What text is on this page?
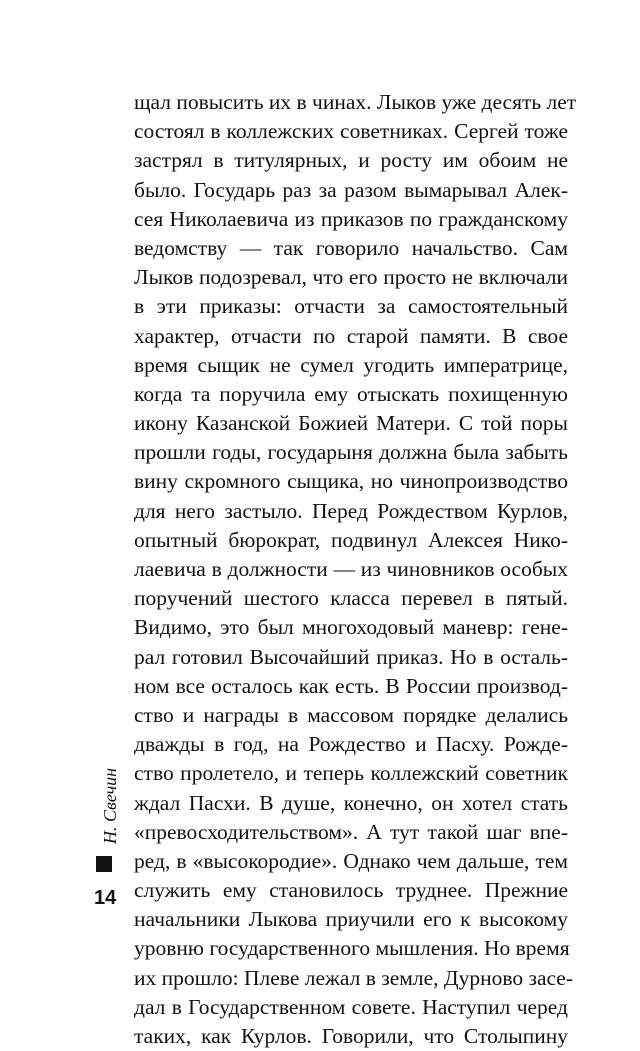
щал повысить их в чинах. Лыков уже десять лет
состоял в коллежских советниках. Сергей тоже
застрял в титулярных, и росту им обоим не
было. Государь раз за разом вымарывал Алек-
сея Николаевича из приказов по гражданскому
ведомству — так говорило начальство. Сам
Лыков подозревал, что его просто не включали
в эти приказы: отчасти за самостоятельный
характер, отчасти по старой памяти. В свое
время сыщик не сумел угодить императрице,
когда та поручила ему отыскать похищенную
икону Казанской Божией Матери. С той поры
прошли годы, государыня должна была забыть
вину скромного сыщика, но чинопроизводство
для него застыло. Перед Рождеством Курлов,
опытный бюрократ, подвинул Алексея Нико-
лаевича в должности — из чиновников особых
поручений шестого класса перевел в пятый.
Видимо, это был многоходовый маневр: гене-
рал готовил Высочайший приказ. Но в осталь-
ном все осталось как есть. В России производ-
ство и награды в массовом порядке делались
дважды в год, на Рождество и Пасху. Рожде-
ство пролетело, и теперь коллежский советник
ждал Пасхи. В душе, конечно, он хотел стать
«превосходительством». А тут такой шаг впе-
ред, в «высокородие». Однако чем дальше, тем
служить ему становилось труднее. Прежние
начальники Лыкова приучили его к высокому
уровню государственного мышления. Но время
их прошло: Плеве лежал в земле, Дурново засе-
дал в Государственном совете. Наступил черед
таких, как Курлов. Говорили, что Столыпину
Н. Свечин
14
